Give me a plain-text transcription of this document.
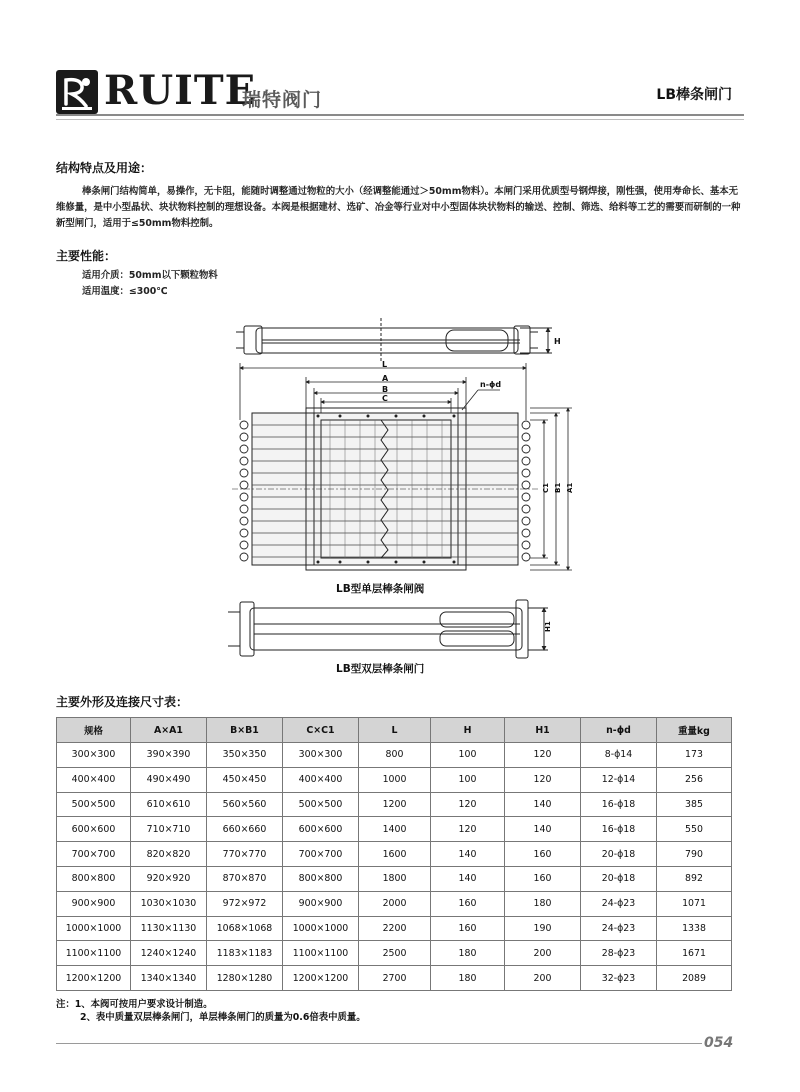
RUITE
瑞特阀门	LB棒条闸门
结构特点及用途：
棒条闸门结构简单，易操作，无卡阻，能随时调整通过物粒的大小（经调整能通过＞50mm物料）。本闸门采用优质型号钢焊接，刚性强，使用寿命长、基本无维修量，是中小型晶状、块状物料控制的理想设备。本阀是根据建材、选矿、冶金等行业对中小型固体块状物料的输送、控制、筛选、给料等工艺的需要而研制的一种新型闸门，适用于≤50mm物料控制。
主要性能：
适用介质：50mm以下颗粒物料
适用温度：≤300℃
H
L
A
B
C
n-ϕd
C1 B1 A1
H1
LB型单层棒条闸阀
LB型双层棒条闸门
主要外形及连接尺寸表：
规格	A×A1	B×B1	C×C1	L	H	H1	n-ϕd	重量kg
300×300	390×390	350×350	300×300	800	100	120	8-ϕ14	173
400×400	490×490	450×450	400×400	1000	100	120	12-ϕ14	256
500×500	610×610	560×560	500×500	1200	120	140	16-ϕ18	385
600×600	710×710	660×660	600×600	1400	120	140	16-ϕ18	550
700×700	820×820	770×770	700×700	1600	140	160	20-ϕ18	790
800×800	920×920	870×870	800×800	1800	140	160	20-ϕ18	892
900×900	1030×1030	972×972	900×900	2000	160	180	24-ϕ23	1071
1000×1000	1130×1130	1068×1068	1000×1000	2200	160	190	24-ϕ23	1338
1100×1100	1240×1240	1183×1183	1100×1100	2500	180	200	28-ϕ23	1671
1200×1200	1340×1340	1280×1280	1200×1200	2700	180	200	32-ϕ23	2089
注：1、本阀可按用户要求设计制造。
2、表中质量双层棒条闸门，单层棒条闸门的质量为0.6倍表中质量。
054
